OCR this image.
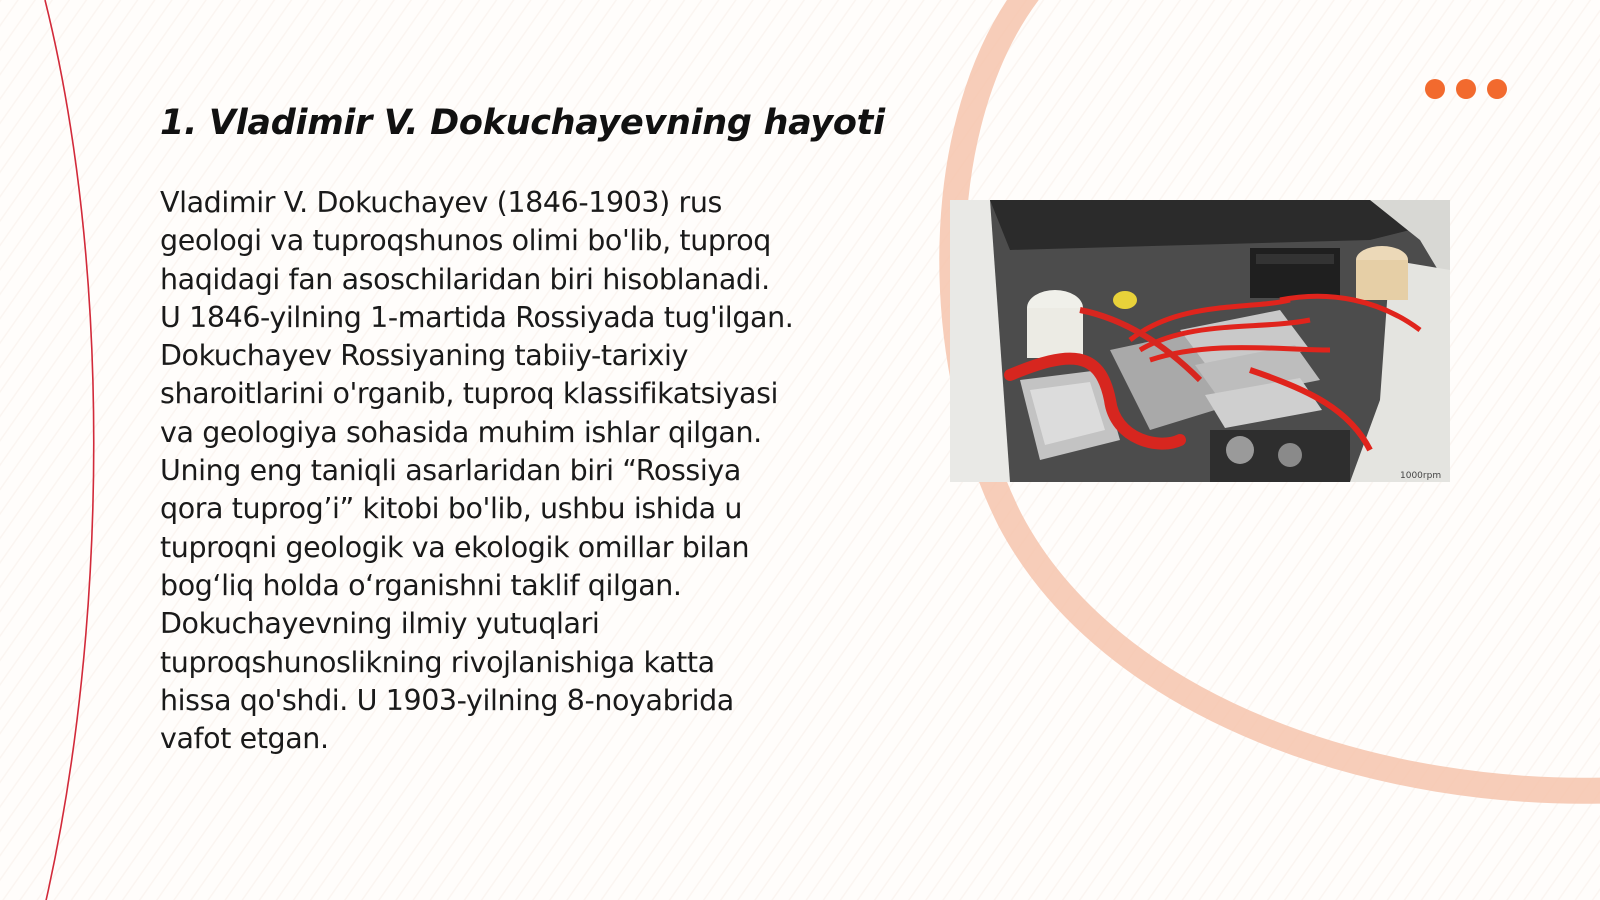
1. Vladimir V. Dokuchayevning hayoti

Vladimir V. Dokuchayev (1846-1903) rus
geologi va tuproqshunos olimi bo'lib, tuproq
haqidagi fan asoschilaridan biri hisoblanadi.
U 1846-yilning 1-martida Rossiyada tug'ilgan.
Dokuchayev Rossiyaning tabiiy-tarixiy
sharoitlarini o'rganib, tuproq klassifikatsiyasi
va geologiya sohasida muhim ishlar qilgan.
Uning eng taniqli asarlaridan biri “Rossiya
qora tuprog’i” kitobi bo'lib, ushbu ishida u
tuproqni geologik va ekologik omillar bilan
bog‘liq holda o‘rganishni taklif qilgan.
Dokuchayevning ilmiy yutuqlari
tuproqshunoslikning rivojlanishiga katta
hissa qo'shdi. U 1903-yilning 8-noyabrida
vafot etgan.

1000rpm
